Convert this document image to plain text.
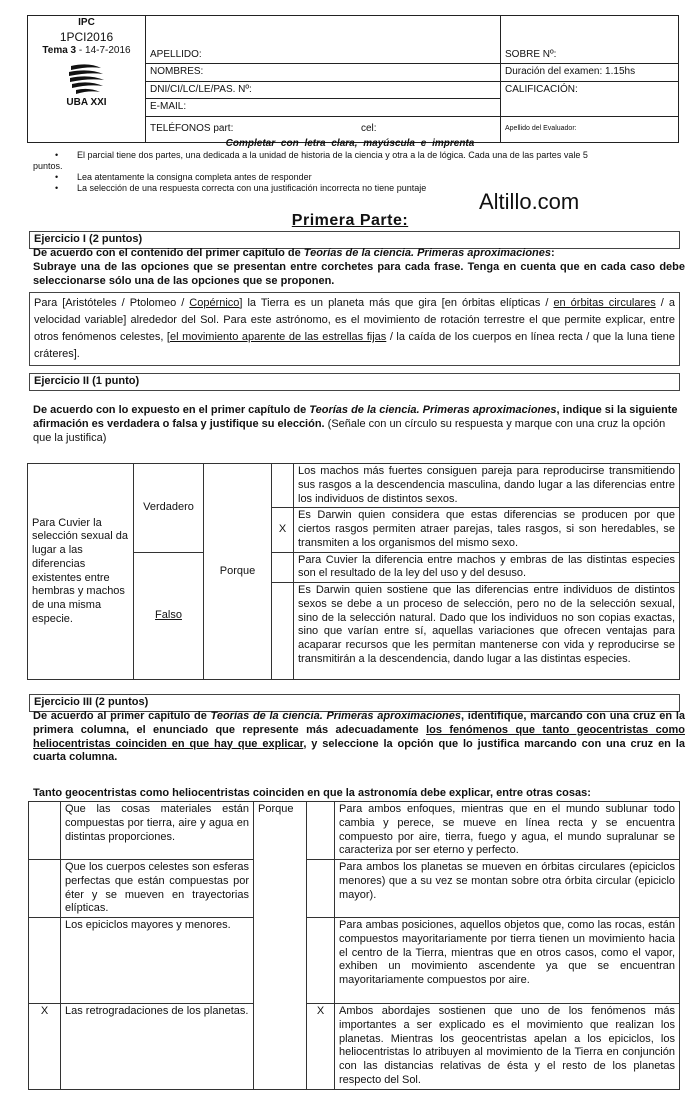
IPC
1PCI2016
Tema 3 - 14-7-2016
UBA XXI	APELLIDO:	SOBRE Nº:
	NOMBRES:	Duración del examen: 1.15hs
	DNI/CI/LC/LE/PAS. Nº:	CALIFICACIÓN:
	E-MAIL:	
	TELÉFONOS part: cel:	Apellido del Evaluador:
Completar con letra clara, mayúscula e imprenta
• El parcial tiene dos partes, una dedicada a la unidad de historia de la ciencia y otra a la de lógica. Cada una de las partes vale 5
puntos.
• Lea atentamente la consigna completa antes de responder
• La selección de una respuesta correcta con una justificación incorrecta no tiene puntaje
Altillo.com
Primera Parte:
Ejercicio I (2 puntos)
De acuerdo con el contenido del primer capítulo de Teorías de la ciencia. Primeras aproximaciones:
Subraye una de las opciones que se presentan entre corchetes para cada frase. Tenga en cuenta que en cada caso debe seleccionarse sólo una de las opciones que se proponen.
Para [Aristóteles / Ptolomeo / Copérnico] la Tierra es un planeta más que gira [en órbitas elípticas / en órbitas circulares / a velocidad variable] alrededor del Sol. Para este astrónomo, es el movimiento de rotación terrestre el que permite explicar, entre otros fenómenos celestes, [el movimiento aparente de las estrellas fijas / la caída de los cuerpos en línea recta / que la luna tiene cráteres].
Ejercicio II (1 punto)
De acuerdo con lo expuesto en el primer capítulo de Teorías de la ciencia. Primeras aproximaciones, indique si la siguiente afirmación es verdadera o falsa y justifique su elección. (Señale con un círculo su respuesta y marque con una cruz la opción que la justifica)
Para Cuvier la selección sexual da lugar a las diferencias existentes entre hembras y machos de una misma especie.	Verdadero	Porque		Los machos más fuertes consiguen pareja para reproducirse transmitiendo sus rasgos a la descendencia masculina, dando lugar a las diferencias entre los individuos de distintos sexos.
			X	Es Darwin quien considera que estas diferencias se producen por que ciertos rasgos permiten atraer parejas, tales rasgos, si son heredables, se transmiten a los organismos del mismo sexo.
	Falso			Para Cuvier la diferencia entre machos y embras de las distintas especies son el resultado de la ley del uso y del desuso.
				Es Darwin quien sostiene que las diferencias entre individuos de distintos sexos se debe a un proceso de selección, pero no de la selección sexual, sino de la selección natural. Dado que los individuos no son copias exactas, sino que varían entre sí, aquellas variaciones que ofrecen ventajas para acaparar recursos que les permitan mantenerse con vida y reproducirse se transmitirán a la descendencia, dando lugar a las distintas especies.
Ejercicio III (2 puntos)
De acuerdo al primer capítulo de Teorías de la ciencia. Primeras aproximaciones, identifique, marcando con una cruz en la primera columna, el enunciado que represente más adecuadamente los fenómenos que tanto geocentristas como heliocentristas coinciden en que hay que explicar, y seleccione la opción que lo justifica marcando con una cruz en la cuarta columna.
Tanto geocentristas como heliocentristas coinciden en que la astronomía debe explicar, entre otras cosas:
	Que las cosas materiales están compuestas por tierra, aire y agua en distintas proporciones.	Porque		Para ambos enfoques, mientras que en el mundo sublunar todo cambia y perece, se mueve en línea recta y se encuentra compuesto por aire, tierra, fuego y agua, el mundo supralunar se caracteriza por ser eterno y perfecto.
	Que los cuerpos celestes son esferas perfectas que están compuestas por éter y se mueven en trayectorias elípticas.			Para ambos los planetas se mueven en órbitas circulares (epiciclos menores) que a su vez se montan sobre otra órbita circular (epiciclo mayor).
	Los epiciclos mayores y menores.			Para ambas posiciones, aquellos objetos que, como las rocas, están compuestos mayoritariamente por tierra tienen un movimiento hacia el centro de la Tierra, mientras que en otros casos, como el vapor, exhiben un movimiento ascendente ya que se encuentran mayoritariamente compuestos por aire.
X	Las retrogradaciones de los planetas.		X	Ambos abordajes sostienen que uno de los fenómenos más importantes a ser explicado es el movimiento que realizan los planetas. Mientras los geocentristas apelan a los epiciclos, los heliocentristas lo atribuyen al movimiento de la Tierra en conjunción con las distancias relativas de ésta y el resto de los planetas respecto del Sol.
